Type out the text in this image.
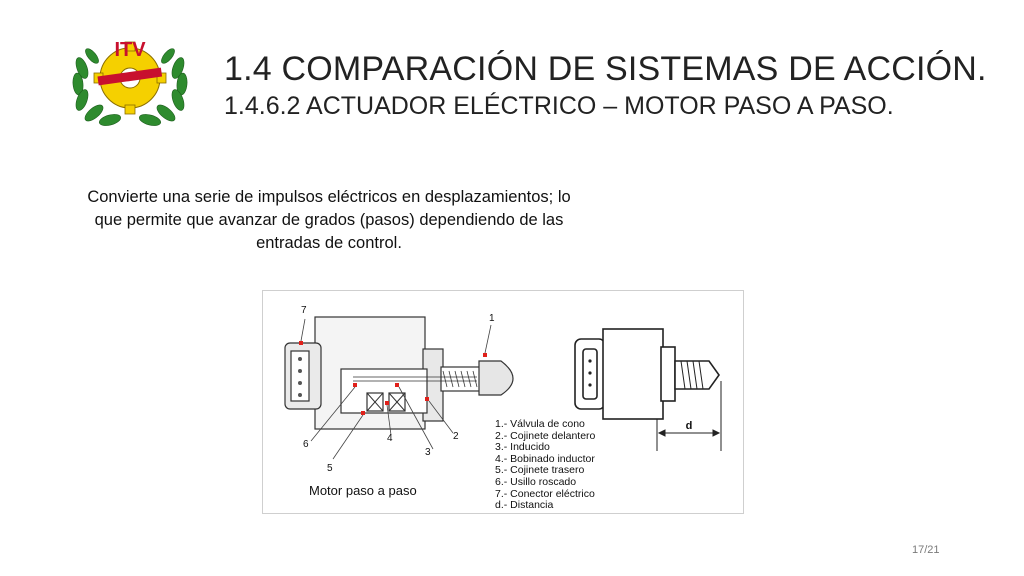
ITV 1.4 COMPARACIÓN DE SISTEMAS DE ACCIÓN.
1.4.6.2 ACTUADOR ELÉCTRICO – MOTOR PASO A PASO.
Convierte una serie de impulsos eléctricos en desplazamientos; lo que permite que avanzar de grados (pasos) dependiendo de las entradas de control.
7
1
2
3
4
5
6
d
1.- Válvula de cono
2.- Cojinete delantero
3.- Inducido
4.- Bobinado inductor
5.- Cojinete trasero
6.- Usillo roscado
7.- Conector eléctrico
d.- Distancia
Motor paso a paso
17/21
